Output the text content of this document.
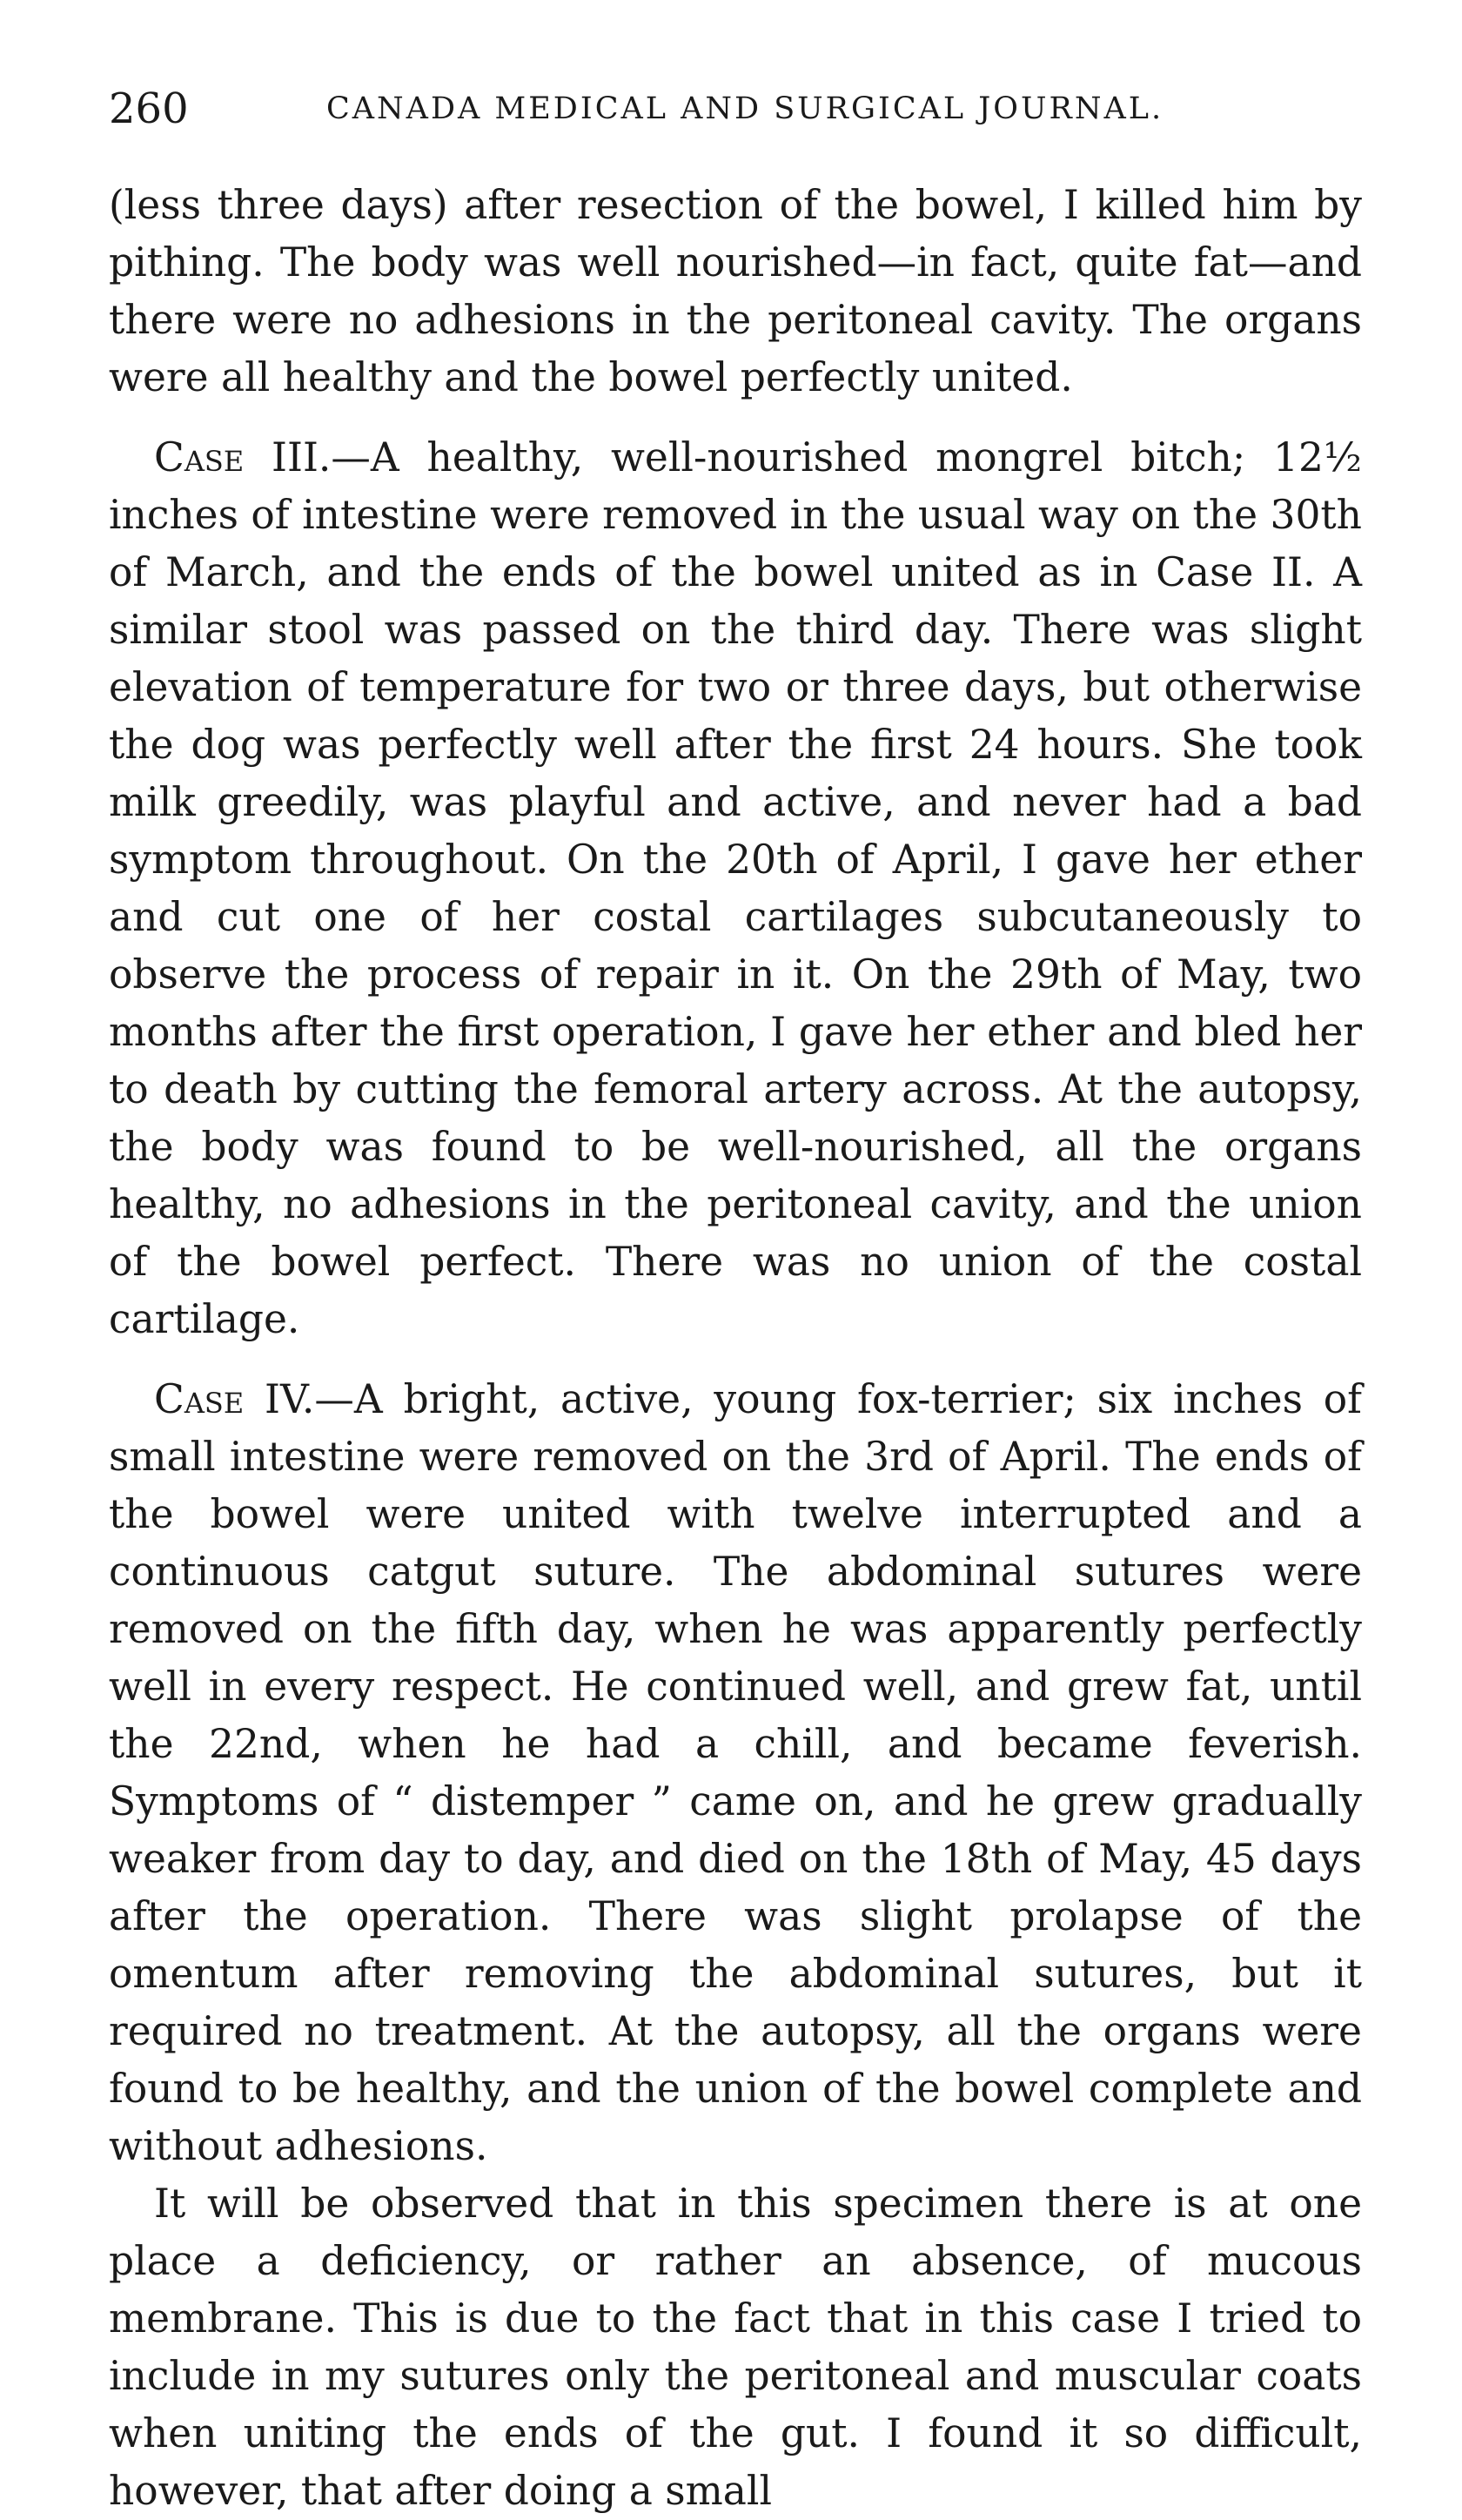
260	CANADA MEDICAL AND SURGICAL JOURNAL.

(less three days) after resection of the bowel, I killed him by pithing. The body was well nourished—in fact, quite fat—and there were no adhesions in the peritoneal cavity. The organs were all healthy and the bowel perfectly united.

Case III.—A healthy, well-nourished mongrel bitch; 12½ inches of intestine were removed in the usual way on the 30th of March, and the ends of the bowel united as in Case II. A similar stool was passed on the third day. There was slight elevation of temperature for two or three days, but otherwise the dog was perfectly well after the first 24 hours. She took milk greedily, was playful and active, and never had a bad symptom throughout. On the 20th of April, I gave her ether and cut one of her costal cartilages subcutaneously to observe the process of repair in it. On the 29th of May, two months after the first operation, I gave her ether and bled her to death by cutting the femoral artery across. At the autopsy, the body was found to be well-nourished, all the organs healthy, no adhesions in the peritoneal cavity, and the union of the bowel perfect. There was no union of the costal cartilage.

Case IV.—A bright, active, young fox-terrier; six inches of small intestine were removed on the 3rd of April. The ends of the bowel were united with twelve interrupted and a continuous catgut suture. The abdominal sutures were removed on the fifth day, when he was apparently perfectly well in every respect. He continued well, and grew fat, until the 22nd, when he had a chill, and became feverish. Symptoms of “ distemper ” came on, and he grew gradually weaker from day to day, and died on the 18th of May, 45 days after the operation. There was slight prolapse of the omentum after removing the abdominal sutures, but it required no treatment. At the autopsy, all the organs were found to be healthy, and the union of the bowel complete and without adhesions.

It will be observed that in this specimen there is at one place a deficiency, or rather an absence, of mucous membrane. This is due to the fact that in this case I tried to include in my sutures only the peritoneal and muscular coats when uniting the ends of the gut. I found it so difficult, however, that after doing a small
